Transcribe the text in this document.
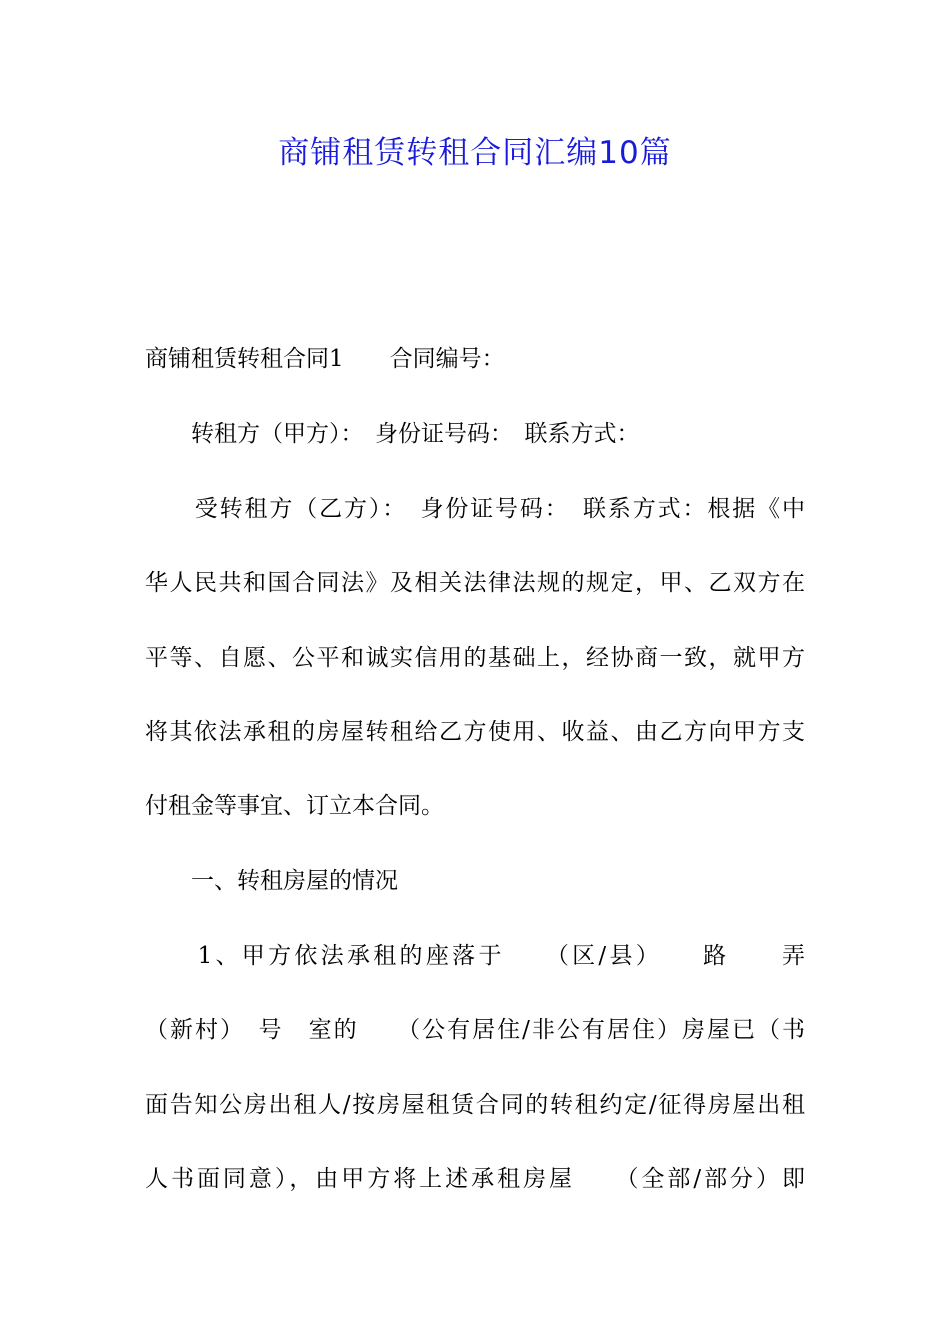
商铺租赁转租合同汇编10篇
商铺租赁转租合同1　　合同编号：
　　转租方（甲方）：　身份证号码：　联系方式：
　　受转租方（乙方）：　身份证号码：　联系方式：根据《中
华人民共和国合同法》及相关法律法规的规定，甲、乙双方在
平等、自愿、公平和诚实信用的基础上，经协商一致，就甲方
将其依法承租的房屋转租给乙方使用、收益、由乙方向甲方支
付租金等事宜、订立本合同。
　　一、转租房屋的情况
　　1、甲方依法承租的座落于　　（区/县）　　路　　弄
（新村）　号　室的　　（公有居住/非公有居住）房屋已（书
面告知公房出租人/按房屋租赁合同的转租约定/征得房屋出租
人书面同意），由甲方将上述承租房屋　　（全部/部分）即
